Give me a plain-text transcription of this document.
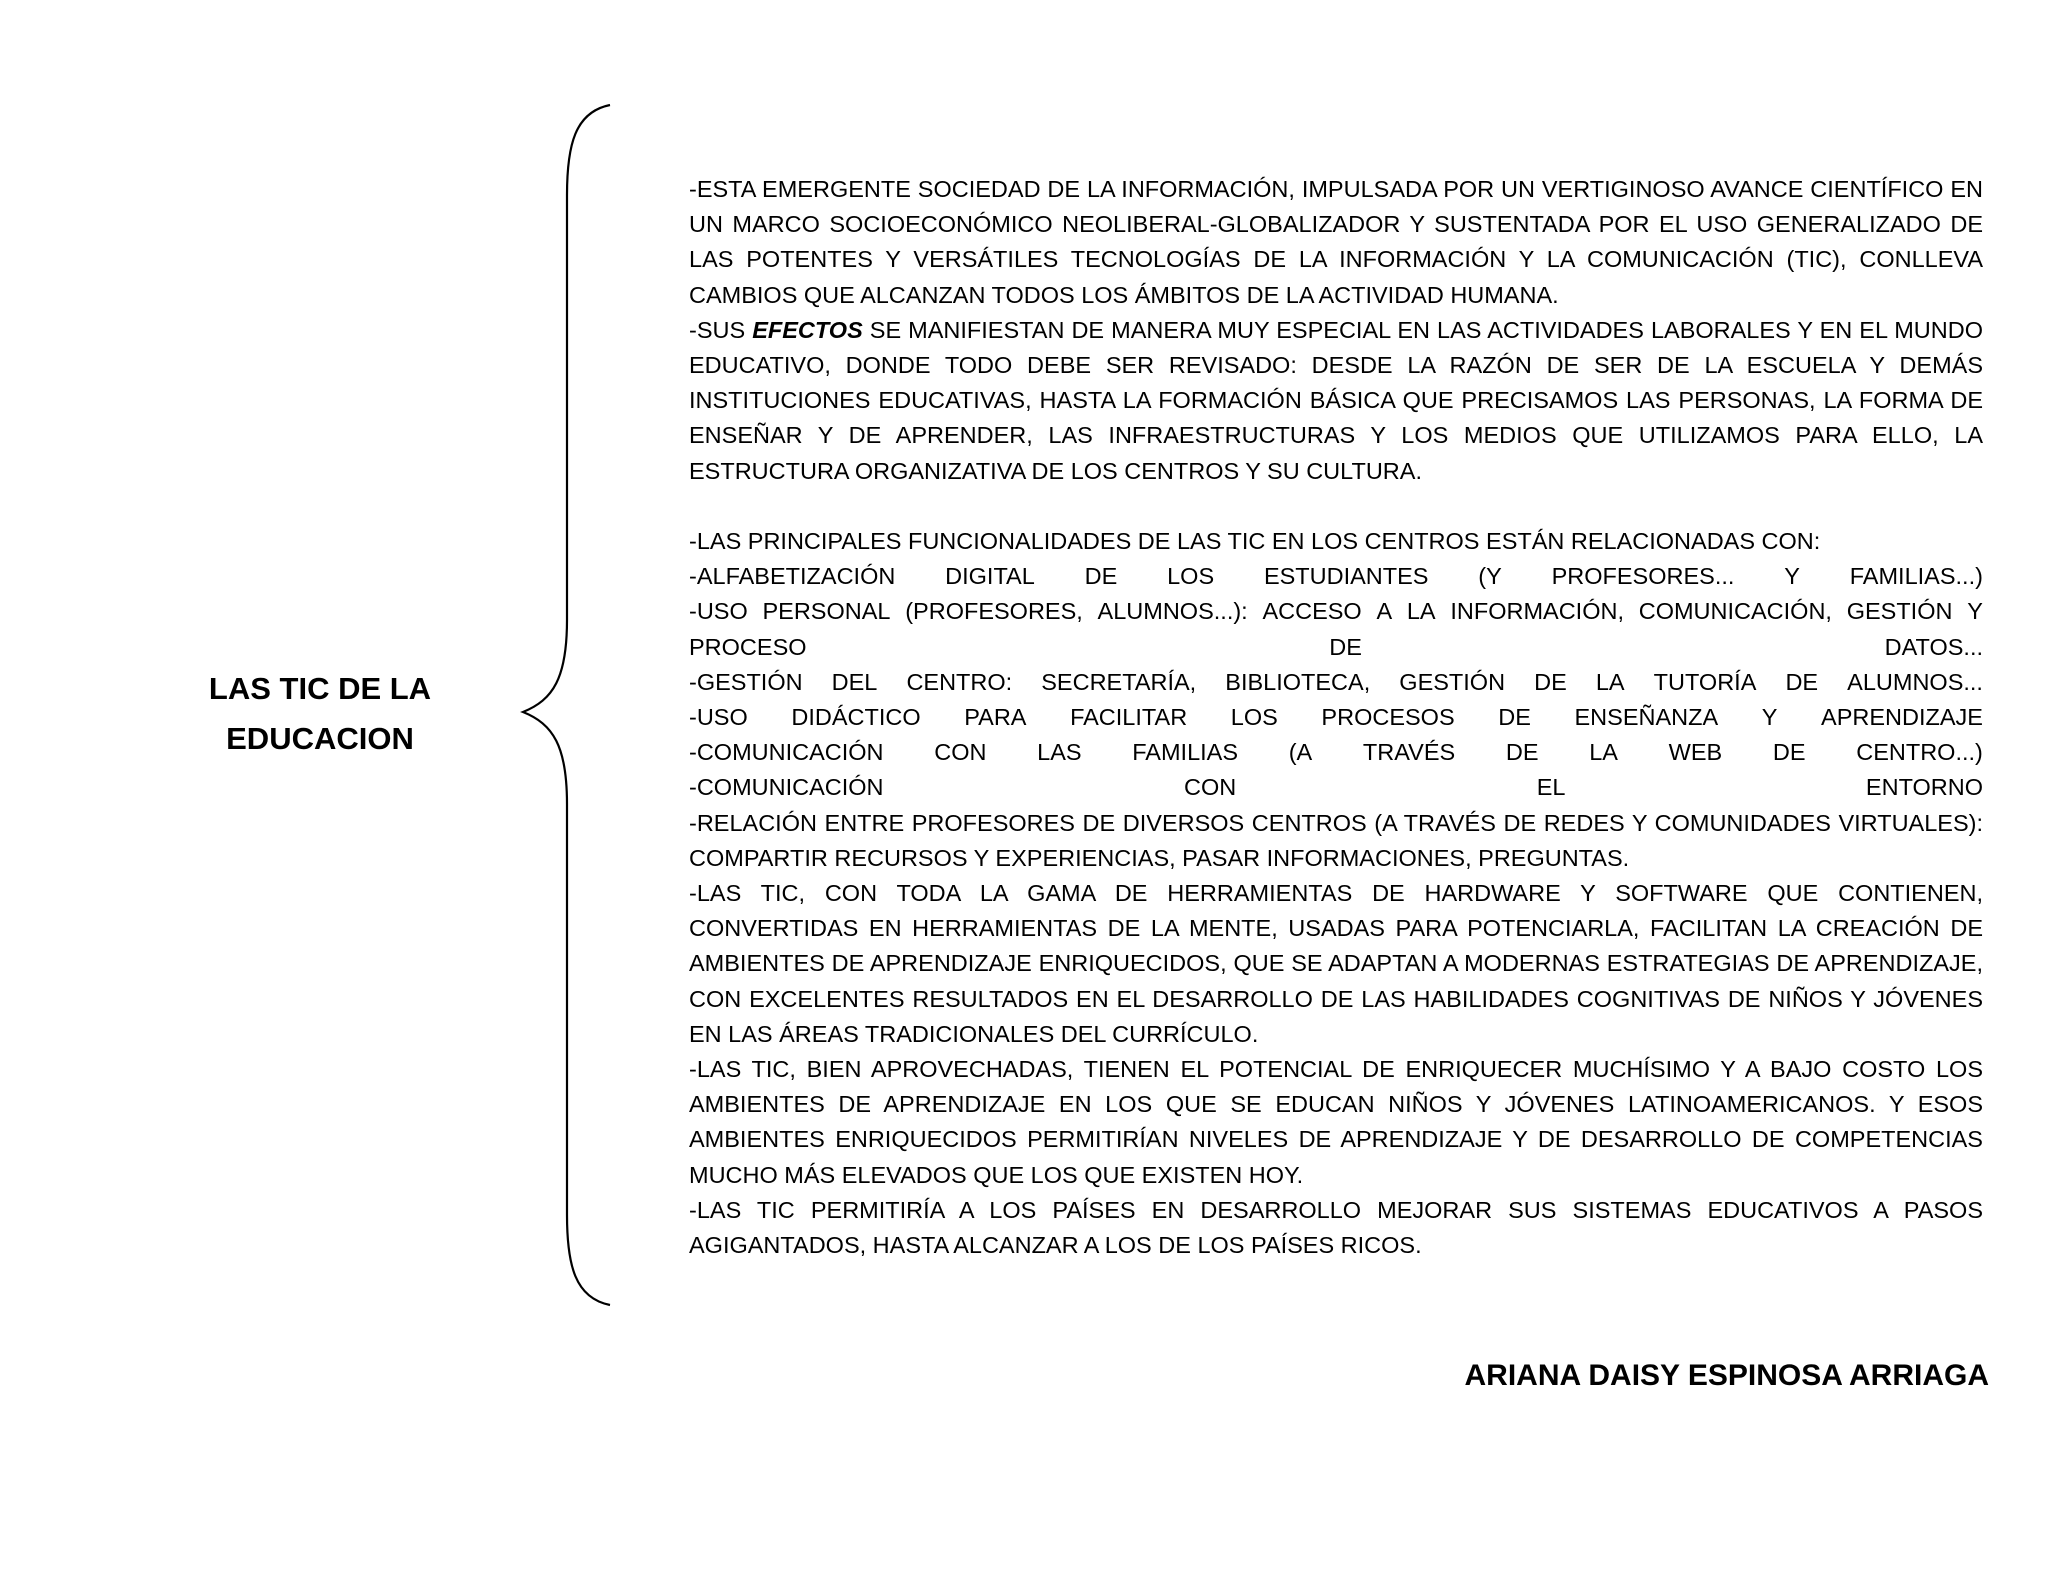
LAS TIC DE LA
EDUCACION

-ESTA EMERGENTE SOCIEDAD DE LA INFORMACIÓN, IMPULSADA POR UN VERTIGINOSO AVANCE CIENTÍFICO EN UN MARCO SOCIOECONÓMICO NEOLIBERAL-GLOBALIZADOR Y SUSTENTADA POR EL USO GENERALIZADO DE LAS POTENTES Y VERSÁTILES TECNOLOGÍAS DE LA INFORMACIÓN Y LA COMUNICACIÓN (TIC), CONLLEVA CAMBIOS QUE ALCANZAN TODOS LOS ÁMBITOS DE LA ACTIVIDAD HUMANA.

-SUS EFECTOS SE MANIFIESTAN DE MANERA MUY ESPECIAL EN LAS ACTIVIDADES LABORALES Y EN EL MUNDO EDUCATIVO, DONDE TODO DEBE SER REVISADO: DESDE LA RAZÓN DE SER DE LA ESCUELA Y DEMÁS INSTITUCIONES EDUCATIVAS, HASTA LA FORMACIÓN BÁSICA QUE PRECISAMOS LAS PERSONAS, LA FORMA DE ENSEÑAR Y DE APRENDER, LAS INFRAESTRUCTURAS Y LOS MEDIOS QUE UTILIZAMOS PARA ELLO, LA ESTRUCTURA ORGANIZATIVA DE LOS CENTROS Y SU CULTURA.

-LAS PRINCIPALES FUNCIONALIDADES DE LAS TIC EN LOS CENTROS ESTÁN RELACIONADAS CON:

-ALFABETIZACIÓN DIGITAL DE LOS ESTUDIANTES (Y PROFESORES... Y FAMILIAS...)
-USO PERSONAL (PROFESORES, ALUMNOS...): ACCESO A LA INFORMACIÓN, COMUNICACIÓN, GESTIÓN Y
PROCESO	DE	DATOS...
-GESTIÓN DEL CENTRO: SECRETARÍA, BIBLIOTECA, GESTIÓN DE LA TUTORÍA DE ALUMNOS...
-USO DIDÁCTICO PARA FACILITAR LOS PROCESOS DE ENSEÑANZA Y APRENDIZAJE
-COMUNICACIÓN CON LAS FAMILIAS (A TRAVÉS DE LA WEB DE CENTRO...)
-COMUNICACIÓN	CON	EL	ENTORNO

-RELACIÓN ENTRE PROFESORES DE DIVERSOS CENTROS (A TRAVÉS DE REDES Y COMUNIDADES VIRTUALES): COMPARTIR RECURSOS Y EXPERIENCIAS, PASAR INFORMACIONES, PREGUNTAS.

-LAS TIC, CON TODA LA GAMA DE HERRAMIENTAS DE HARDWARE Y SOFTWARE QUE CONTIENEN, CONVERTIDAS EN HERRAMIENTAS DE LA MENTE, USADAS PARA POTENCIARLA, FACILITAN LA CREACIÓN DE AMBIENTES DE APRENDIZAJE ENRIQUECIDOS, QUE SE ADAPTAN A MODERNAS ESTRATEGIAS DE APRENDIZAJE, CON EXCELENTES RESULTADOS EN EL DESARROLLO DE LAS HABILIDADES COGNITIVAS DE NIÑOS Y JÓVENES EN LAS ÁREAS TRADICIONALES DEL CURRÍCULO.

-LAS TIC, BIEN APROVECHADAS, TIENEN EL POTENCIAL DE ENRIQUECER MUCHÍSIMO Y A BAJO COSTO LOS AMBIENTES DE APRENDIZAJE EN LOS QUE SE EDUCAN NIÑOS Y JÓVENES LATINOAMERICANOS. Y ESOS AMBIENTES ENRIQUECIDOS PERMITIRÍAN NIVELES DE APRENDIZAJE Y DE DESARROLLO DE COMPETENCIAS MUCHO MÁS ELEVADOS QUE LOS QUE EXISTEN HOY.

-LAS TIC PERMITIRÍA A LOS PAÍSES EN DESARROLLO MEJORAR SUS SISTEMAS EDUCATIVOS A PASOS AGIGANTADOS, HASTA ALCANZAR A LOS DE LOS PAÍSES RICOS.

ARIANA DAISY ESPINOSA ARRIAGA
